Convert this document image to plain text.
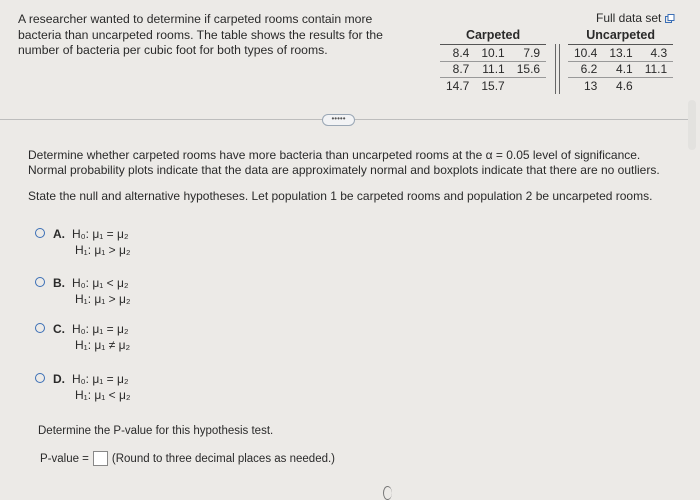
A researcher wanted to determine if carpeted rooms contain more bacteria than uncarpeted rooms. The table shows the results for the number of bacteria per cubic foot for both types of rooms.
Full data set
Carpeted		
8.4	10.1	7.9
8.7	11.1	15.6
14.7	15.7	
Uncarpeted		
10.4	13.1	4.3
6.2	4.1	11.1
13	4.6	
•••••
Determine whether carpeted rooms have more bacteria than uncarpeted rooms at the α = 0.05 level of significance.
Normal probability plots indicate that the data are approximately normal and boxplots indicate that there are no outliers.
State the null and alternative hypotheses. Let population 1 be carpeted rooms and population 2 be uncarpeted rooms.
A. H₀: μ₁ = μ₂
H₁: μ₁ > μ₂
B. H₀: μ₁ < μ₂
H₁: μ₁ > μ₂
C. H₀: μ₁ = μ₂
H₁: μ₁ ≠ μ₂
D. H₀: μ₁ = μ₂
H₁: μ₁ < μ₂
Determine the P-value for this hypothesis test.
P-value = (Round to three decimal places as needed.)
